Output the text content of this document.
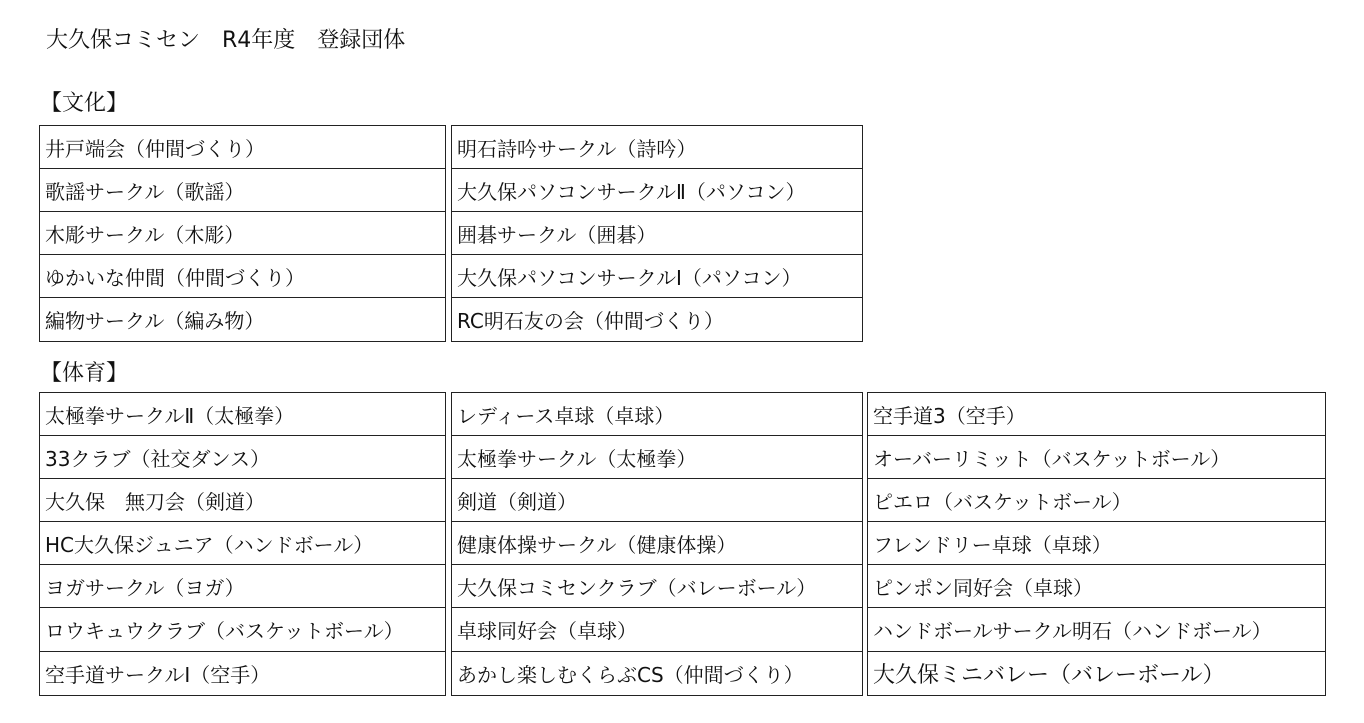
大久保コミセン　R4年度　登録団体
【文化】
井戸端会（仲間づくり）
歌謡サークル（歌謡）
木彫サークル（木彫）
ゆかいな仲間（仲間づくり）
編物サークル（編み物）
明石詩吟サークル（詩吟）
大久保パソコンサークルⅡ（パソコン）
囲碁サークル（囲碁）
大久保パソコンサークルⅠ（パソコン）
RC明石友の会（仲間づくり）
【体育】
太極拳サークルⅡ（太極拳）
33クラブ（社交ダンス）
大久保　無刀会（剣道）
HC大久保ジュニア（ハンドボール）
ヨガサークル（ヨガ）
ロウキュウクラブ（バスケットボール）
空手道サークルⅠ（空手）
レディース卓球（卓球）
太極拳サークル（太極拳）
剣道（剣道）
健康体操サークル（健康体操）
大久保コミセンクラブ（バレーボール）
卓球同好会（卓球）
あかし楽しむくらぶCS（仲間づくり）
空手道3（空手）
オーバーリミット（バスケットボール）
ピエロ（バスケットボール）
フレンドリー卓球（卓球）
ピンポン同好会（卓球）
ハンドボールサークル明石（ハンドボール）
大久保ミニバレー（バレーボール）
